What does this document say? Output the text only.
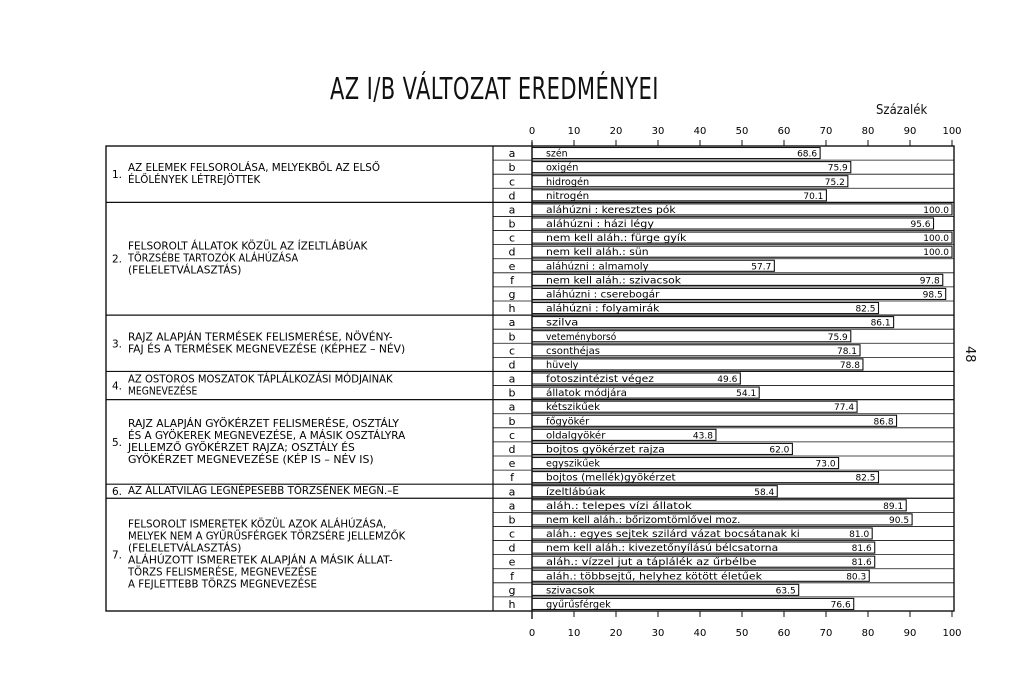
AZ I/B VÁLTOZAT EREDMÉNYEI
Százalék
48
0
0
10
10
20
20
30
30
40
40
50
50
60
60
70
70
80
80
90
90
100
100
1.
AZ ELEMEK FELSOROLÁSA, MELYEKBŐL AZ ELSŐ
ÉLŐLÉNYEK LÉTREJÖTTEK
a	szén	68.6
b	oxigén	75.9
c	hidrogén	75.2
d	nitrogén	70.1
2.
FELSOROLT ÁLLATOK KÖZÜL AZ ÍZELTLÁBÚAK
TÖRZSÉBE TARTOZÓK ALÁHÚZÁSA
(FELELETVÁLASZTÁS)
a	aláhúzni : keresztes pók	100.0
b	aláhúzni : házi légy	95.6
c	nem kell aláh.: fürge gyík	100.0
d	nem kell aláh.: sün	100.0
e	aláhúzni : almamoly	57.7
f	nem kell aláh.: szivacsok	97.8
g	aláhúzni : cserebogár	98.5
h	aláhúzni : folyamirák	82.5
3.
RAJZ ALAPJÁN TERMÉSEK FELISMERÉSE, NÖVÉNY-
FAJ ÉS A TERMÉSEK MEGNEVEZÉSE (KÉPHEZ – NÉV)
a	szilva	86.1
b	veteményborsó	75.9
c	csonthéjas	78.1
d	hüvely	78.8
4.
AZ OSTOROS MOSZATOK TÁPLÁLKOZÁSI MÓDJAINAK
MEGNEVEZÉSE
a	fotoszintézist végez	49.6
b	állatok módjára	54.1
5.
RAJZ ALAPJÁN GYÖKÉRZET FELISMERÉSE, OSZTÁLY
ÉS A GYÖKEREK MEGNEVEZÉSE, A MÁSIK OSZTÁLYRA
JELLEMZŐ GYÖKÉRZET RAJZA; OSZTÁLY ÉS
GYÖKÉRZET MEGNEVEZÉSE (KÉP IS – NÉV IS)
a	kétszikűek	77.4
b	főgyökér	86.8
c	oldalgyökér	43.8
d	bojtos gyökérzet rajza	62.0
e	egyszikűek	73.0
f	bojtos (mellék)gyökérzet	82.5
6. AZ ÁLLATVILÁG LEGNÉPESEBB TÖRZSÉNEK MEGN.–E	a	ízeltlábúak	58.4
7.
FELSOROLT ISMERETEK KÖZÜL AZOK ALÁHÚZÁSA,
MELYEK NEM A GYŰRŰSFÉRGEK TÖRZSÉRE JELLEMZŐK
(FELELETVÁLASZTÁS)
ALÁHÚZOTT ISMERETEK ALAPJÁN A MÁSIK ÁLLAT-
TÖRZS FELISMERÉSE, MEGNEVEZÉSE
A FEJLETTEBB TÖRZS MEGNEVEZÉSE
a	aláh.: telepes vízi állatok	89.1
b	nem kell aláh.: bőrizomtömlővel moz.	90.5
c	aláh.: egyes sejtek szilárd vázat bocsátanak ki	81.0
d	nem kell aláh.: kivezetőnyílású bélcsatorna	81.6
e	aláh.: vízzel jut a táplálék az űrbélbe	81.6
f	aláh.: többsejtű, helyhez kötött életűek	80.3
g	szivacsok	63.5
h	gyűrűsférgek	76.6
